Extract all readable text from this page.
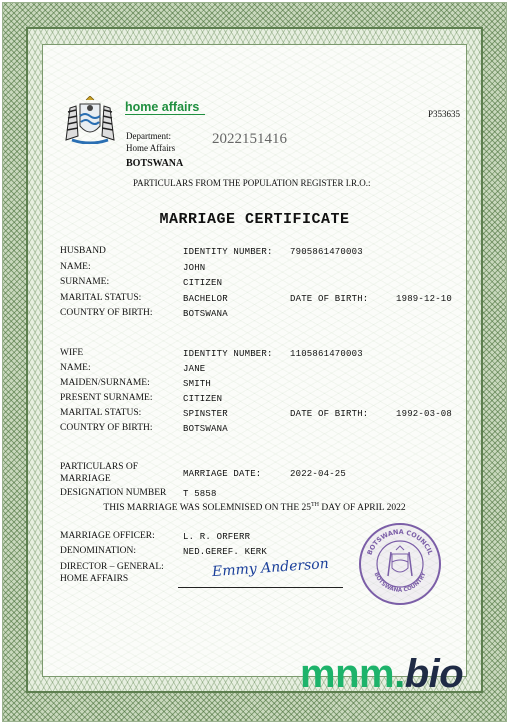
home affairs	P353635
Department:
Home Affairs
2022151416
BOTSWANA
PARTICULARS FROM THE POPULATION REGISTER I.R.O.:
MARRIAGE CERTIFICATE
HUSBAND	IDENTITY NUMBER: 7905861470003
NAME:	JOHN
SURNAME:	CITIZEN
MARITAL STATUS:	BACHELOR	DATE OF BIRTH:	1989-12-10
COUNTRY OF BIRTH:	BOTSWANA
WIFE	IDENTITY NUMBER: 1105861470003
NAME:	JANE
MAIDEN/SURNAME:	SMITH
PRESENT SURNAME:	CITIZEN
MARITAL STATUS:	SPINSTER	DATE OF BIRTH:	1992-03-08
COUNTRY OF BIRTH:	BOTSWANA
PARTICULARS OF
MARRIAGE	MARRIAGE DATE:	2022-04-25
DESIGNATION NUMBER T 5858
THIS MARRIAGE WAS SOLEMNISED ON THE 25TH DAY OF APRIL 2022
MARRIAGE OFFICER:	L. R. ORFERR
DENOMINATION:	NED.GEREF. KERK
DIRECTOR – GENERAL:
HOME AFFAIRS	Emmy Anderson
BOTSWANA COUNCIL
BOTSWANA COUNTRY
mnm.bio
